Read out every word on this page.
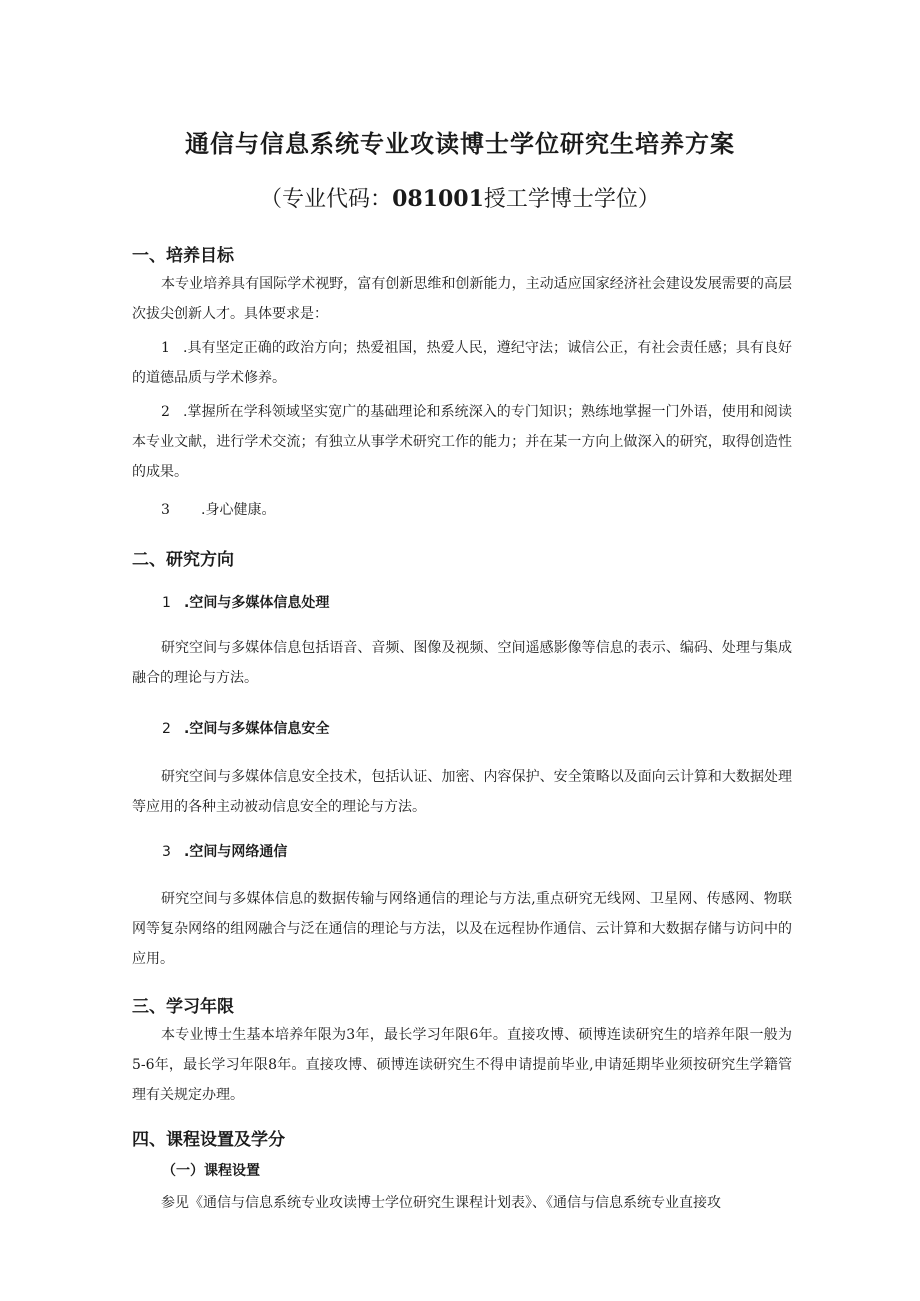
通信与信息系统专业攻读博士学位研究生培养方案

（专业代码：081001授工学博士学位）

一、培养目标

本专业培养具有国际学术视野，富有创新思维和创新能力，主动适应国家经济社会建设发展需要的高层次拔尖创新人才。具体要求是：

1 .具有坚定正确的政治方向；热爱祖国，热爱人民，遵纪守法；诚信公正，有社会责任感；具有良好的道德品质与学术修养。

2 .掌握所在学科领域坚实宽广的基础理论和系统深入的专门知识；熟练地掌握一门外语，使用和阅读本专业文献，进行学术交流；有独立从事学术研究工作的能力；并在某一方向上做深入的研究，取得创造性的成果。

3 .身心健康。

二、研究方向
1 .空间与多媒体信息处理

研究空间与多媒体信息包括语音、音频、图像及视频、空间遥感影像等信息的表示、编码、处理与集成融合的理论与方法。

2 .空间与多媒体信息安全

研究空间与多媒体信息安全技术，包括认证、加密、内容保护、安全策略以及面向云计算和大数据处理等应用的各种主动被动信息安全的理论与方法。

3 .空间与网络通信

研究空间与多媒体信息的数据传输与网络通信的理论与方法,重点研究无线网、卫星网、传感网、物联网等复杂网络的组网融合与泛在通信的理论与方法，以及在远程协作通信、云计算和大数据存储与访问中的应用。

三、学习年限

本专业博士生基本培养年限为3年，最长学习年限6年。直接攻博、硕博连读研究生的培养年限一般为5-6年，最长学习年限8年。直接攻博、硕博连读研究生不得申请提前毕业,申请延期毕业须按研究生学籍管理有关规定办理。

四、课程设置及学分
（一）课程设置

参见《通信与信息系统专业攻读博士学位研究生课程计划表》、《通信与信息系统专业直接攻
